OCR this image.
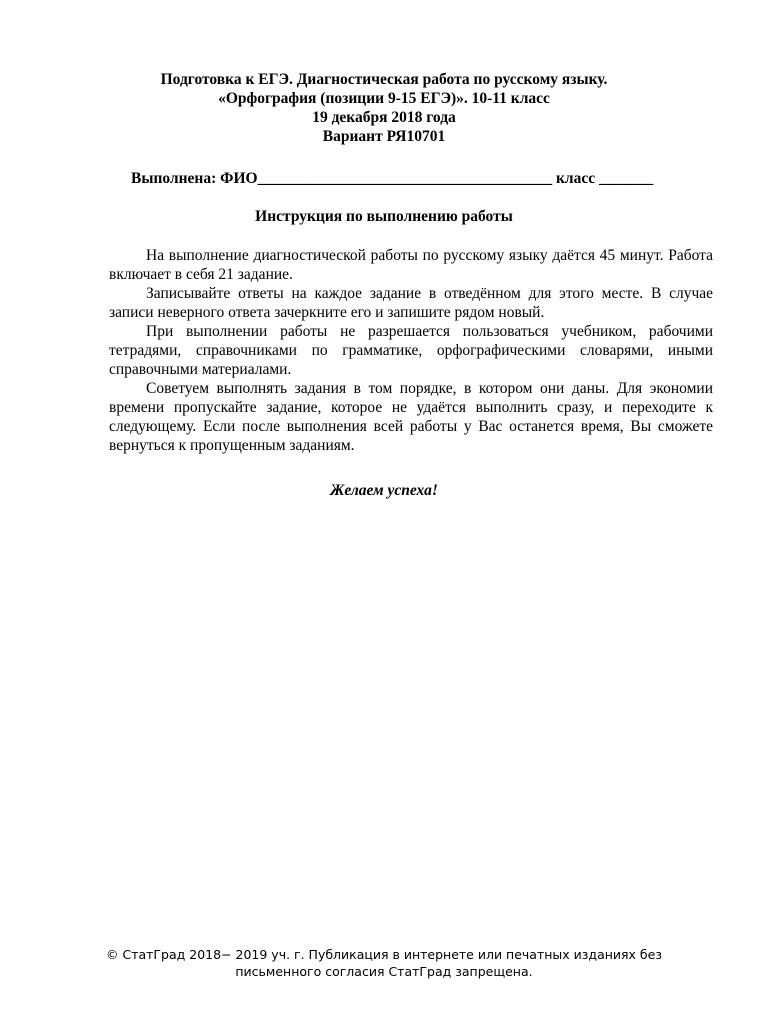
Подготовка к ЕГЭ. Диагностическая работа по русскому языку.
«Орфография (позиции 9-15 ЕГЭ)». 10-11 класс
19 декабря 2018 года
Вариант РЯ10701
Выполнена: ФИО______________________________________ класс _______
Инструкция по выполнению работы

На выполнение диагностической работы по русскому языку даётся 45 минут. Работа включает в себя 21 задание.

Записывайте ответы на каждое задание в отведённом для этого месте. В случае записи неверного ответа зачеркните его и запишите рядом новый.

При выполнении работы не разрешается пользоваться учебником, рабочими тетрадями, справочниками по грамматике, орфографическими словарями, иными справочными материалами.

Советуем выполнять задания в том порядке, в котором они даны. Для экономии времени пропускайте задание, которое не удаётся выполнить сразу, и переходите к следующему. Если после выполнения всей работы у Вас останется время, Вы сможете вернуться к пропущенным заданиям.

Желаем успеха!
© СтатГрад 2018− 2019 уч. г. Публикация в интернете или печатных изданиях без
письменного согласия СтатГрад запрещена.
